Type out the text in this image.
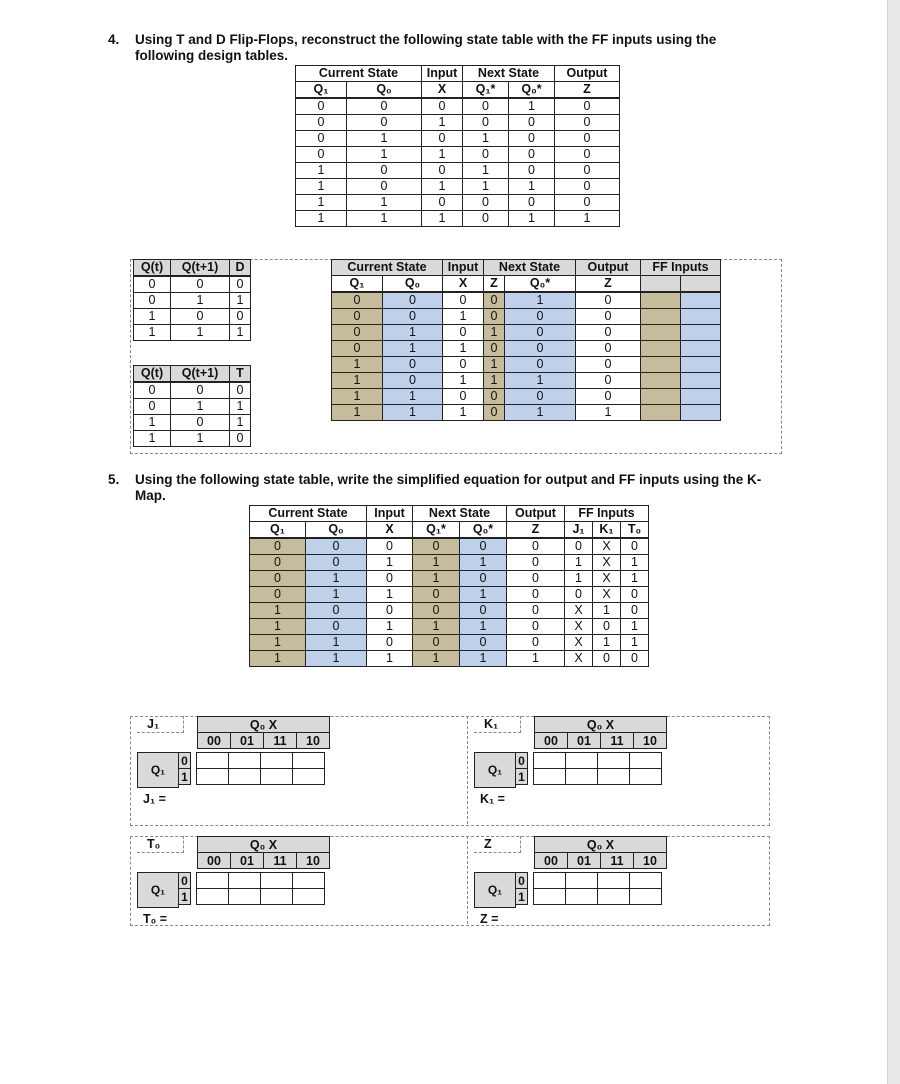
4. Using T and D Flip-Flops, reconstruct the following state table with the FF inputs using the following design tables.
Current State		Input	Next State		Output
Q₁	Q₀	X	Q₁*	Q₀*	Z
0	0	0	0	1	0
0	0	1	0	0	0
0	1	0	1	0	0
0	1	1	0	0	0
1	0	0	1	0	0
1	0	1	1	1	0
1	1	0	0	0	0
1	1	1	0	1	1
Q(t)	Q(t+1)	D
0	0	0
0	1	1
1	0	0
1	1	1
Q(t)	Q(t+1)	T
0	0	0
0	1	1
1	0	1
1	1	0
Current State		Input	Next State		Output	FF Inputs	
Q₁	Q₀	X	Z	Q₀*	Z		
0	0	0	0	1	0		
0	0	1	0	0	0		
0	1	0	1	0	0		
0	1	1	0	0	0		
1	0	0	1	0	0		
1	0	1	1	1	0		
1	1	0	0	0	0		
1	1	1	0	1	1		
5. Using the following state table, write the simplified equation for output and FF inputs using the K-Map.
Current State		Input	Next State		Output	FF Inputs		
Q₁	Q₀	X	Q₁*	Q₀*	Z	J₁	K₁	T₀
0	0	0	0	0	0	0	X	0
0	0	1	1	1	0	1	X	1
0	1	0	1	0	0	1	X	1
0	1	1	0	1	0	0	X	0
1	0	0	0	0	0	X	1	0
1	0	1	1	1	0	X	0	1
1	1	0	0	0	0	X	1	1
1	1	1	1	1	1	X	0	0
J₁	Q₀ X
00	01	11	10
Q₁
0
1

J₁ =
K₁	Q₀ X
00	01	11	10
Q₁
0
1

K₁ =
T₀	Q₀ X
00	01	11	10
Q₁
0
1

T₀ =
Z	Q₀ X
00	01	11	10
Q₁
0
1

Z =
